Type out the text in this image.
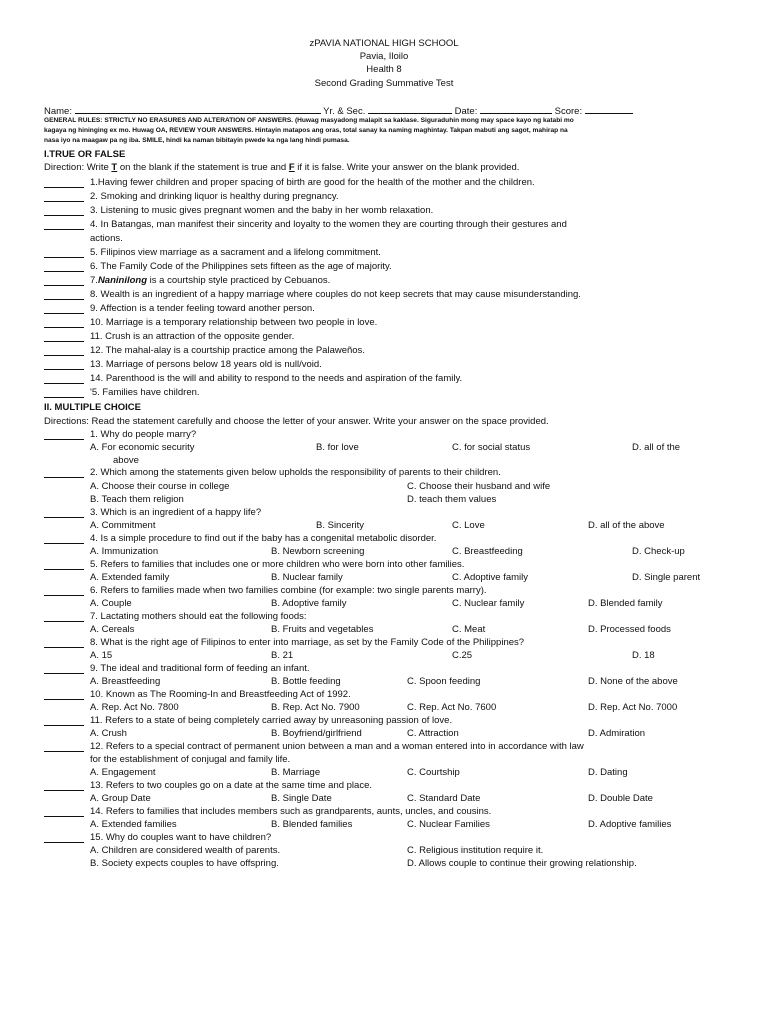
zPAVIA NATIONAL HIGH SCHOOL
Pavia, Iloilo
Health 8
Second Grading Summative Test
Name:	Yr. & Sec.	Date:	Score:
GENERAL RULES: STRICTLY NO ERASURES AND ALTERATION OF ANSWERS. (Huwag masyadong malapit sa kaklase. Siguraduhin mong may space kayo ng katabi mo
kagaya ng hininging ex mo. Huwag OA, REVIEW YOUR ANSWERS. Hintayin matapos ang oras, total sanay ka naming maghintay. Takpan mabuti ang sagot, mahirap na
nasa iyo na maagaw pa ng iba. SMILE, hindi ka naman bibitayin pwede ka nga lang hindi pumasa.
I.TRUE OR FALSE
Direction: Write T on the blank if the statement is true and F if it is false. Write your answer on the blank provided.
1.Having fewer children and proper spacing of birth are good for the health of the mother and the children.
2. Smoking and drinking liquor is healthy during pregnancy.
3. Listening to music gives pregnant women and the baby in her womb relaxation.
4. In Batangas, man manifest their sincerity and loyalty to the women they are courting through their gestures and
actions.
5. Filipinos view marriage as a sacrament and a lifelong commitment.
6. The Family Code of the Philippines sets fifteen as the age of majority.
7.Naninilong is a courtship style practiced by Cebuanos.
8. Wealth is an ingredient of a happy marriage where couples do not keep secrets that may cause misunderstanding.
9. Affection is a tender feeling toward another person.
10. Marriage is a temporary relationship between two people in love.
11. Crush is an attraction of the opposite gender.
12. The mahal-alay is a courtship practice among the Palaweños.
13. Marriage of persons below 18 years old is null/void.
14. Parenthood is the will and ability to respond to the needs and aspiration of the family.
'5. Families have children.
II. MULTIPLE CHOICE
Directions: Read the statement carefully and choose the letter of your answer. Write your answer on the space provided.
1. Why do people marry?
A. For economic security	B. for love	C. for social status	D. all of the
above
2. Which among the statements given below upholds the responsibility of parents to their children.
A. Choose their course in college	C. Choose their husband and wife
B. Teach them religion	D. teach them values
3. Which is an ingredient of a happy life?
A. Commitment	B. Sincerity	C. Love	D. all of the above
4. Is a simple procedure to find out if the baby has a congenital metabolic disorder.
A. Immunization	B. Newborn screening	C. Breastfeeding	D. Check-up
5. Refers to families that includes one or more children who were born into other families.
A. Extended family	B. Nuclear family	C. Adoptive family	D. Single parent
6. Refers to families made when two families combine (for example: two single parents marry).
A. Couple	B. Adoptive family	C. Nuclear family	D. Blended family
7. Lactating mothers should eat the following foods:
A. Cereals	B. Fruits and vegetables	C. Meat	D. Processed foods
8. What is the right age of Filipinos to enter into marriage, as set by the Family Code of the Philippines?
A. 15	B. 21	C.25	D. 18
9. The ideal and traditional form of feeding an infant.
A. Breastfeeding	B. Bottle feeding	C. Spoon feeding	D. None of the above
10. Known as The Rooming-In and Breastfeeding Act of 1992.
A. Rep. Act No. 7800	B. Rep. Act No. 7900	C. Rep. Act No. 7600	D. Rep. Act No. 7000
11. Refers to a state of being completely carried away by unreasoning passion of love.
A. Crush	B. Boyfriend/girlfriend	C. Attraction	D. Admiration
12. Refers to a special contract of permanent union between a man and a woman entered into in accordance with law
for the establishment of conjugal and family life.
A. Engagement	B. Marriage	C. Courtship	D. Dating
13. Refers to two couples go on a date at the same time and place.
A. Group Date	B. Single Date	C. Standard Date	D. Double Date
14. Refers to families that includes members such as grandparents, aunts, uncles, and cousins.
A. Extended families	B. Blended families	C. Nuclear Families	D. Adoptive families
15. Why do couples want to have children?
A. Children are considered wealth of parents.	C. Religious institution require it.
B. Society expects couples to have offspring.	D. Allows couple to continue their growing relationship.
